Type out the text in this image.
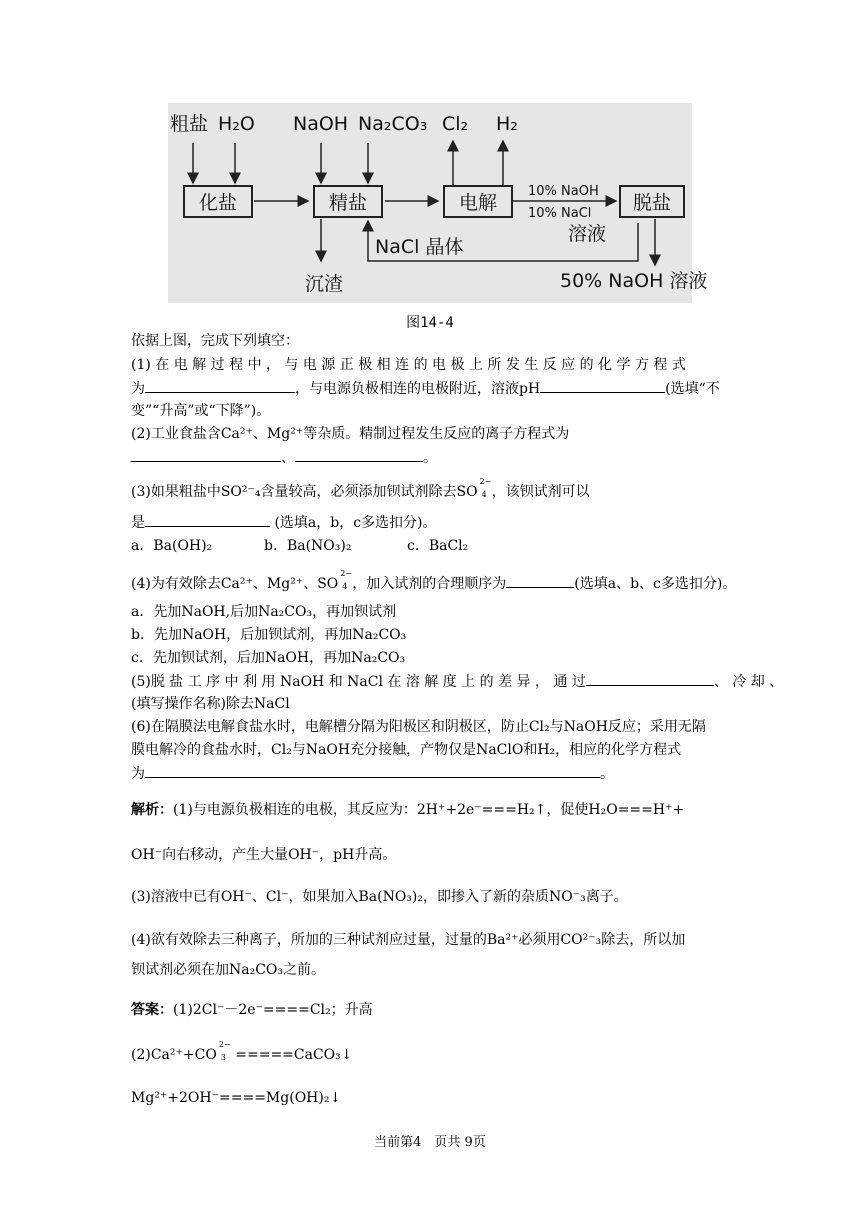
粗盐 H₂O NaOH Na₂CO₃ Cl₂ H₂
化盐	精盐	电解	脱盐
10% NaOH
10% NaCl
溶液
NaCl 晶体
沉渣	50% NaOH 溶液
图14-4
依据上图，完成下列填空：
(1) 在 电 解 过 程 中 ， 与 电 源 正 极 相 连 的 电 极 上 所 发 生 反 应 的 化 学 方 程 式
为	，与电源负极相连的电极附近，溶液pH	(选填“不
变”“升高”或“下降”)。
(2)工业食盐含Ca²⁺、Mg²⁺等杂质。精制过程发生反应的离子方程式为
、	。
(3)如果粗盐中SO²⁻₄含量较高，必须添加钡试剂除去SO
2−
4 ，该钡试剂可以
是	(选填a，b，c多选扣分)。
a．Ba(OH)₂	b．Ba(NO₃)₂	c．BaCl₂
(4)为有效除去Ca²⁺、Mg²⁺、SO
2−
4 ，加入试剂的合理顺序为	(选填a、b、c多选扣分)。
a．先加NaOH,后加Na₂CO₃，再加钡试剂
b．先加NaOH，后加钡试剂，再加Na₂CO₃
c．先加钡试剂，后加NaOH，再加Na₂CO₃
(5)脱 盐 工 序 中 利 用 NaOH 和 NaCl 在 溶 解 度 上 的 差 异 ， 通 过	、 冷 却 、
(填写操作名称)除去NaCl
(6)在隔膜法电解食盐水时，电解槽分隔为阳极区和阴极区，防止Cl₂与NaOH反应；采用无隔
膜电解冷的食盐水时，Cl₂与NaOH充分接触，产物仅是NaClO和H₂，相应的化学方程式
为	。
解析：(1)与电源负极相连的电极，其反应为：2H⁺+2e⁻===H₂↑，促使H₂O===H⁺+
OH⁻向右移动，产生大量OH⁻，pH升高。
(3)溶液中已有OH⁻、Cl⁻，如果加入Ba(NO₃)₂，即掺入了新的杂质NO⁻₃离子。
(4)欲有效除去三种离子，所加的三种试剂应过量，过量的Ba²⁺必须用CO²⁻₃除去，所以加
钡试剂必须在加Na₂CO₃之前。
答案：(1)2Cl⁻－2e⁻====Cl₂；升高
(2)Ca²⁺+CO
2−
3 =====CaCO₃↓
Mg²⁺+2OH⁻====Mg(OH)₂↓
当前第4　页共 9页
